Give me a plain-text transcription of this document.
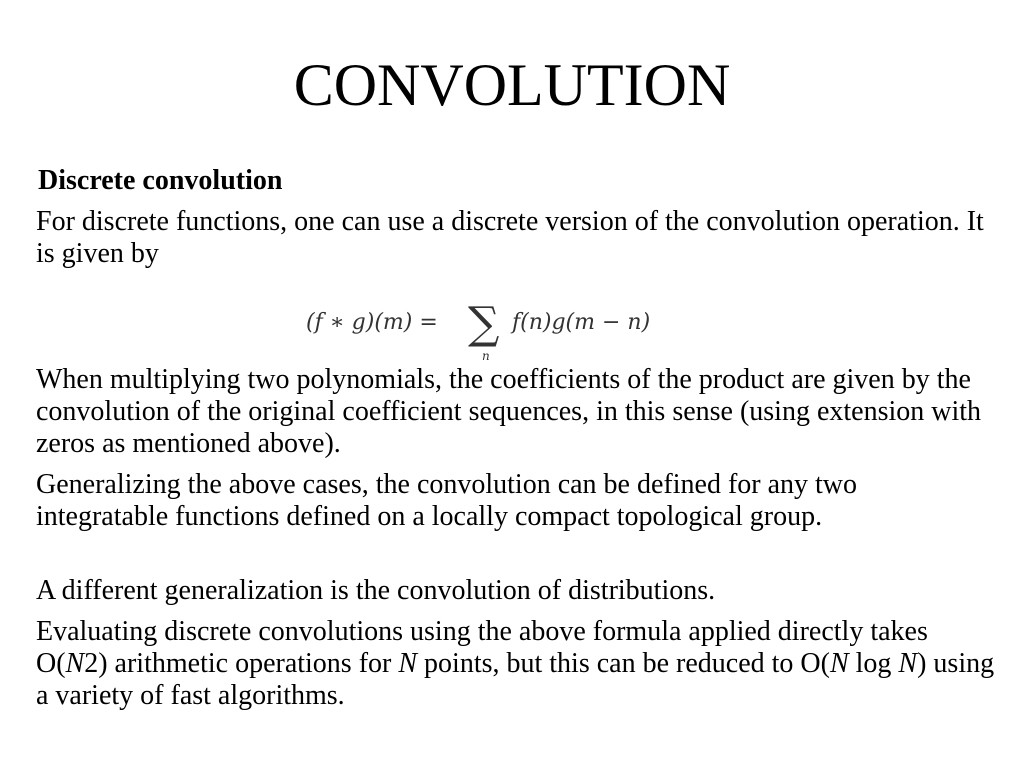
CONVOLUTION
Discrete convolution

For discrete functions, one can use a discrete version of the convolution operation. It is given by

(f ∗ g)(m) = ∑
n
f(n)g(m − n)

When multiplying two polynomials, the coefficients of the product are given by the convolution of the original coefficient sequences, in this sense (using extension with zeros as mentioned above).

Generalizing the above cases, the convolution can be defined for any two integratable functions defined on a locally compact topological group.

A different generalization is the convolution of distributions.

Evaluating discrete convolutions using the above formula applied directly takes O(N2) arithmetic operations for N points, but this can be reduced to O(N log N) using a variety of fast algorithms.
